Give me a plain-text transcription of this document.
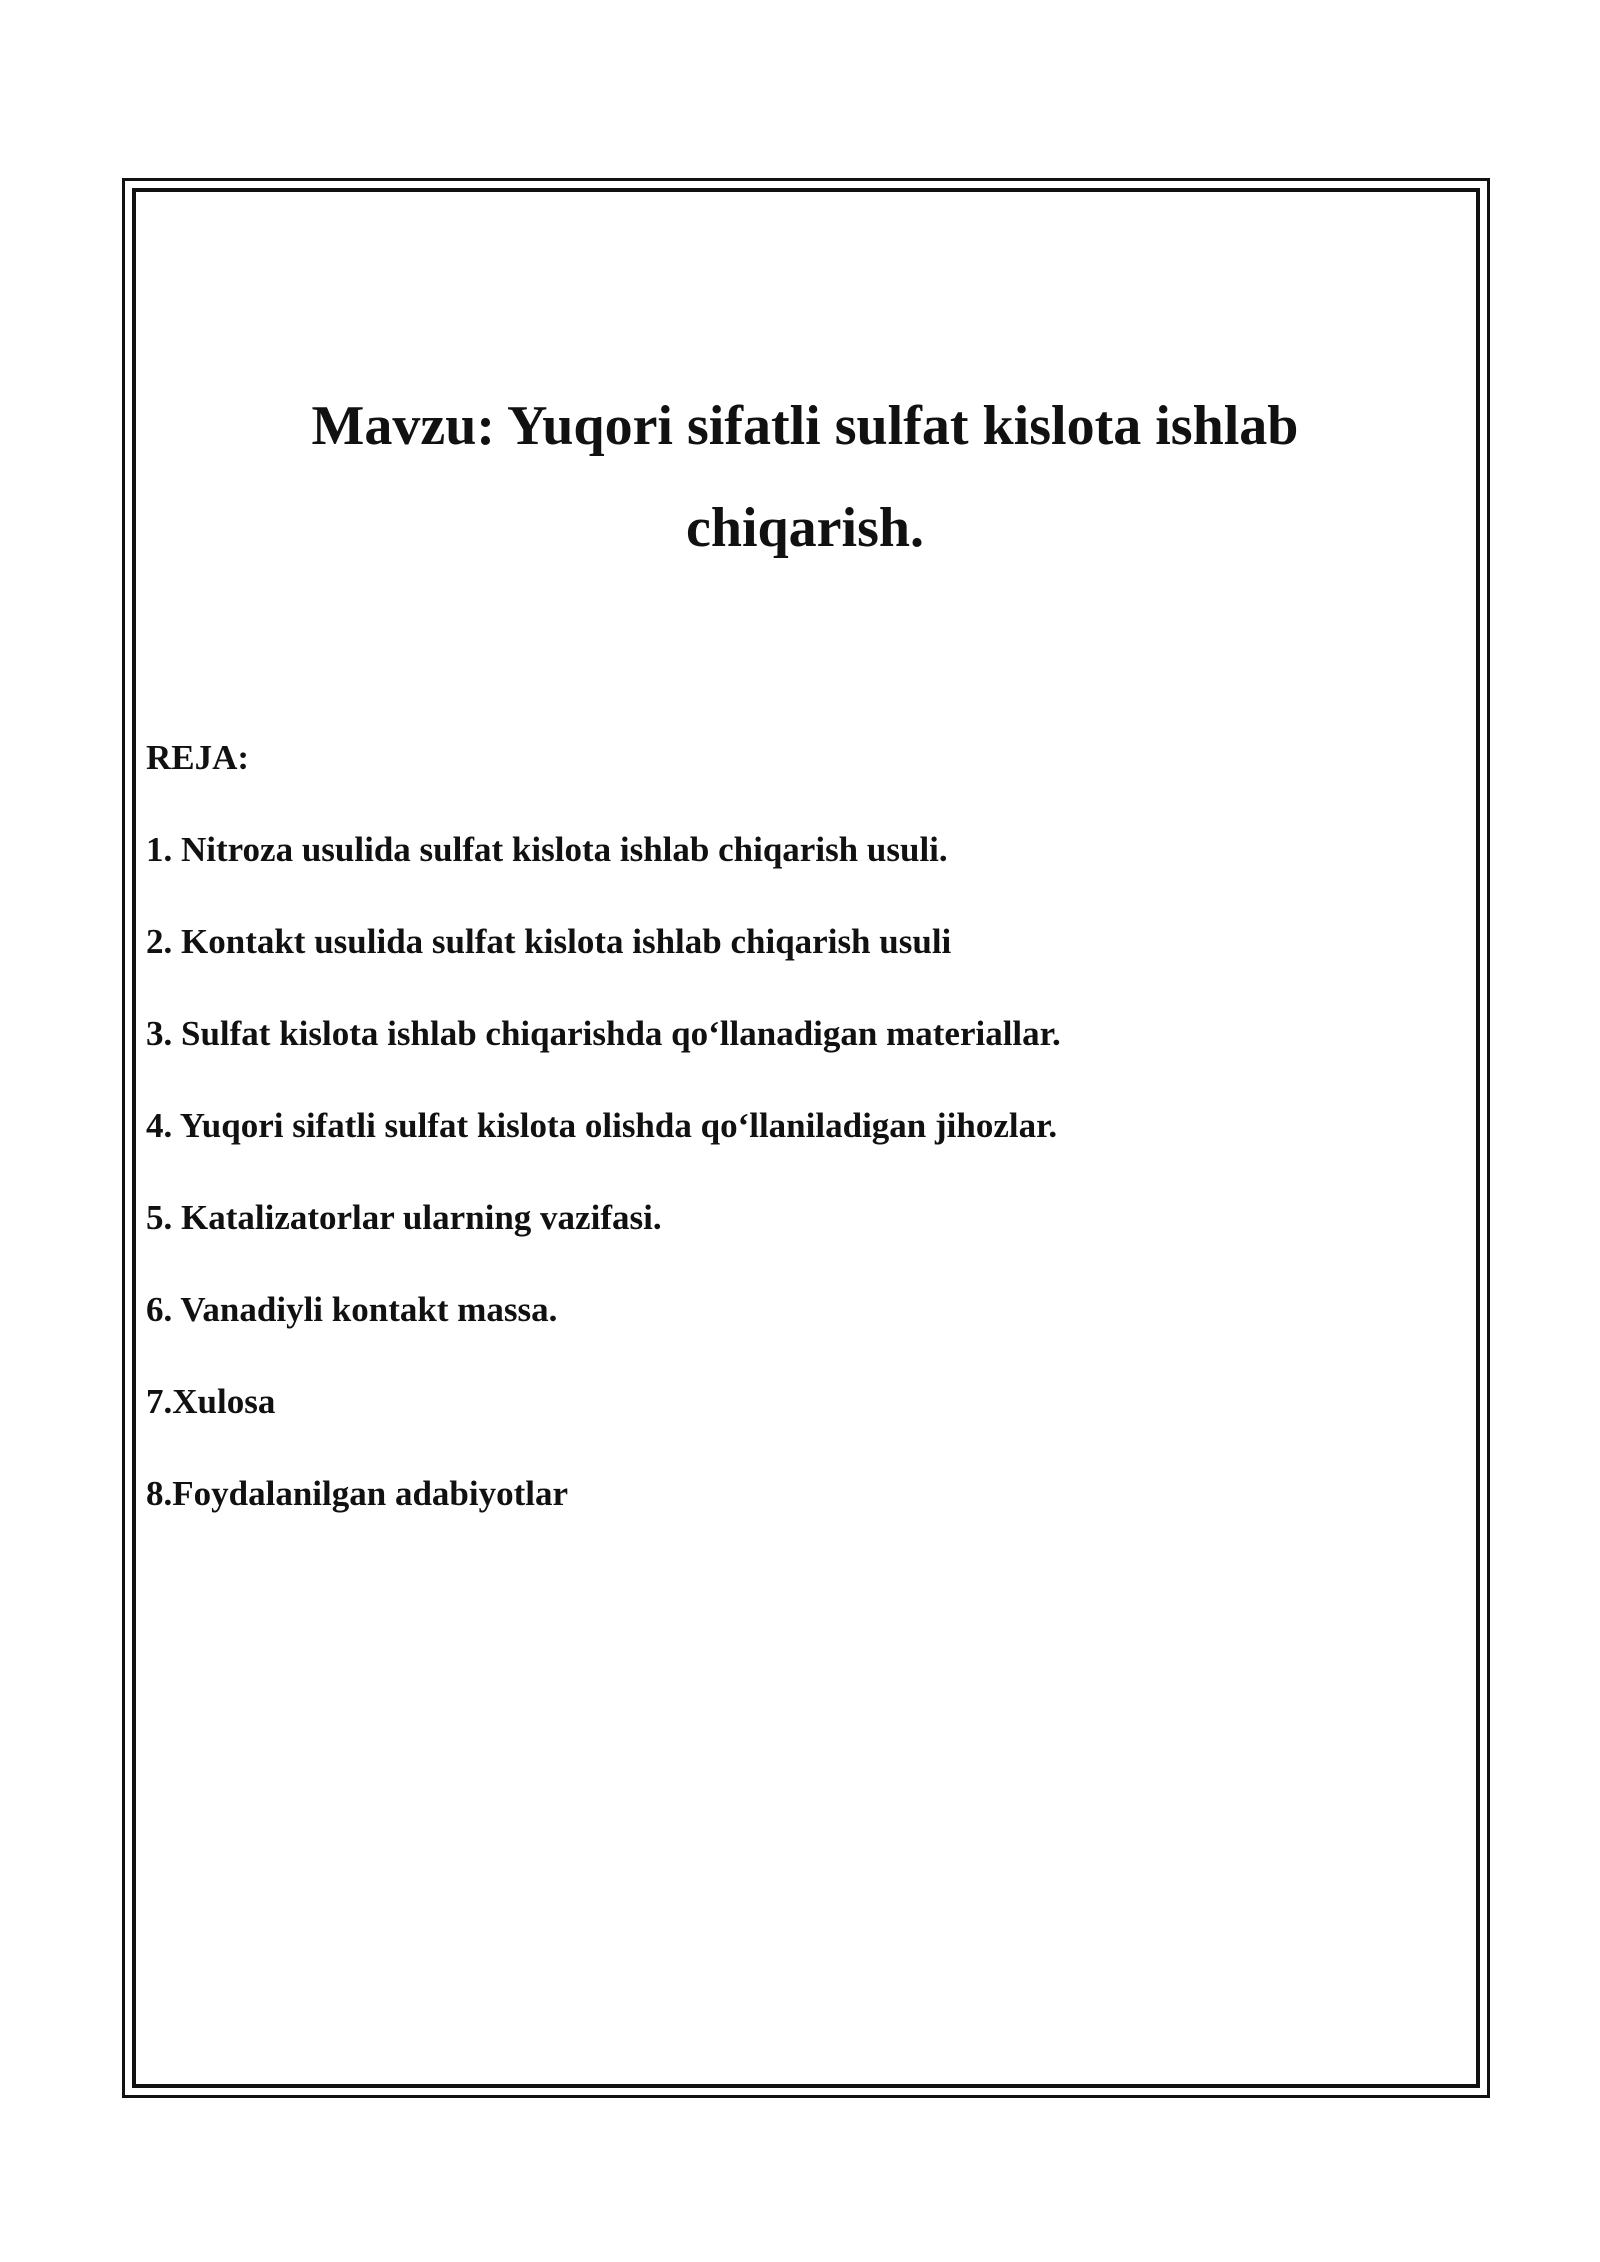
Mavzu: Yuqori sifatli sulfat kislota ishlab
chiqarish.
REJA:
1. Nitroza usulida sulfat kislota ishlab chiqarish usuli.
2. Kontakt usulida sulfat kislota ishlab chiqarish usuli
3. Sulfat kislota ishlab chiqarishda qo‘llanadigan materiallar.
4. Yuqori sifatli sulfat kislota olishda qo‘llaniladigan jihozlar.
5. Katalizatorlar ularning vazifasi.
6. Vanadiyli kontakt massa.
7.Xulosa
8.Foydalanilgan adabiyotlar
